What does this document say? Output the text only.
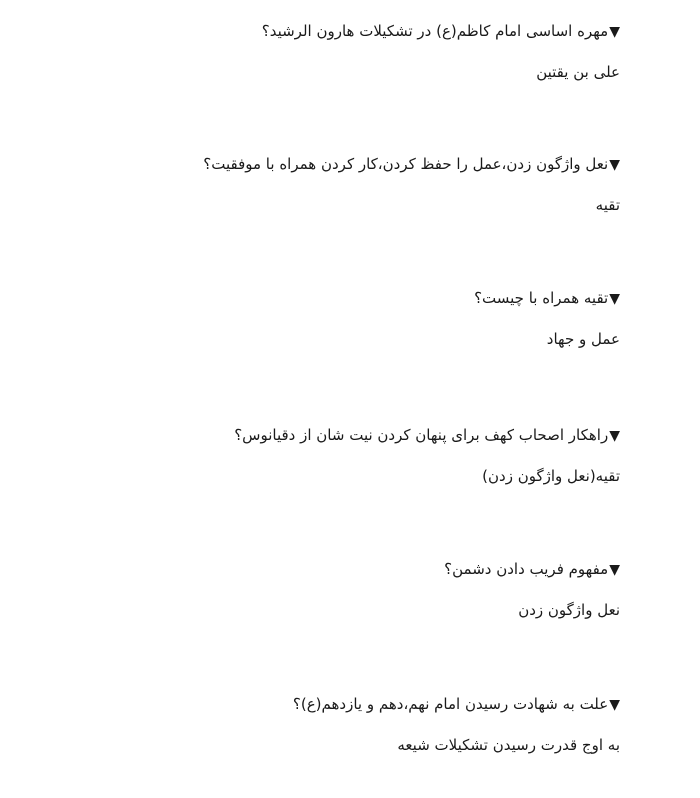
▼مهره اساسی امام کاظم(ع) در تشکیلات هارون الرشید؟
علی بن یقتین
▼نعل واژگون زدن،عمل را حفظ کردن،کار کردن همراه با موفقیت؟
تقیه
▼تقیه همراه با چیست؟
عمل و جهاد
▼راهکار اصحاب کهف برای پنهان کردن نیت شان از دقیانوس؟
تقیه(نعل واژگون زدن)
▼مفهوم فریب دادن دشمن؟
نعل واژگون زدن
▼علت به شهادت رسیدن امام نهم،دهم و یازدهم(ع)؟
به اوج قدرت رسیدن تشکیلات شیعه
